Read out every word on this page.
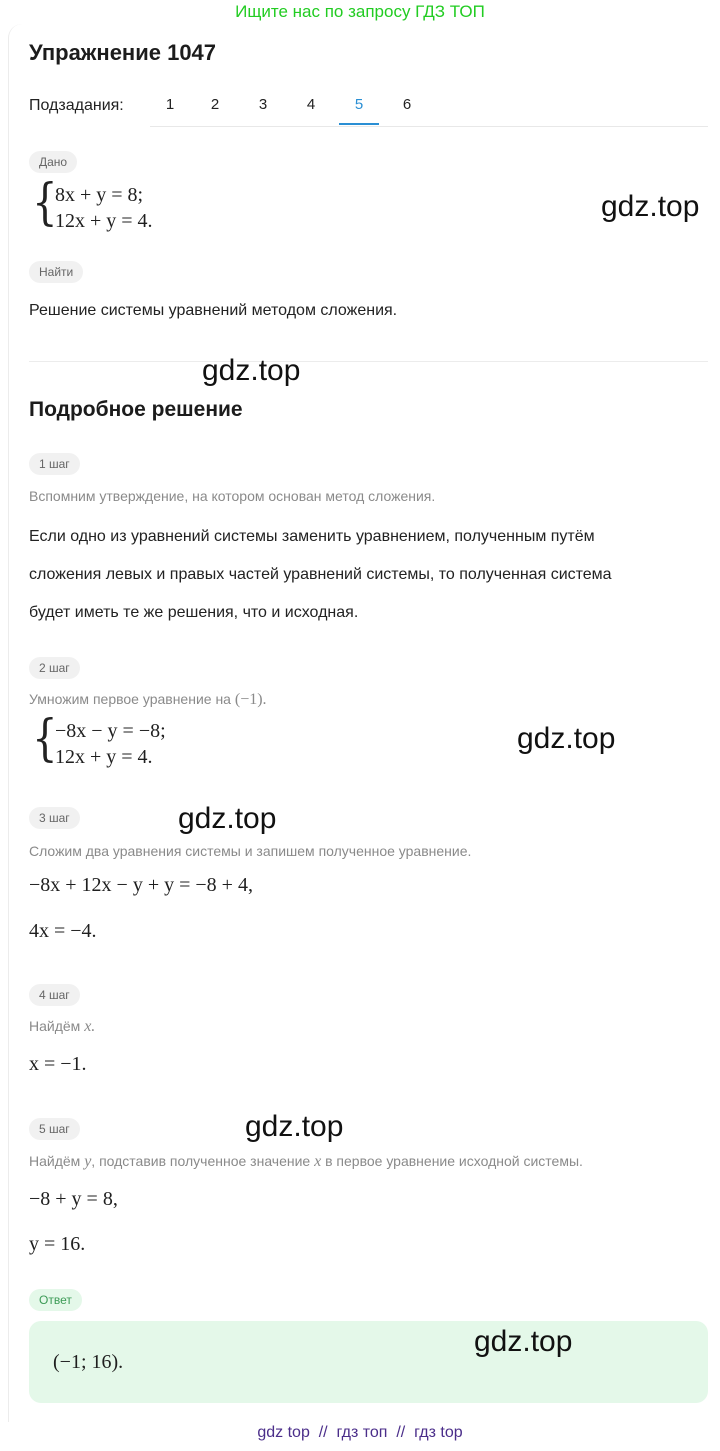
Ищите нас по запросу ГДЗ ТОП
Упражнение 1047
Подзадания:	1	2	3	4	5	6
Дано
{
8x + y = 8;
12x + y = 4.	gdz.top
Найти
Решение системы уравнений методом сложения.
gdz.top
Подробное решение
1 шаг
Вспомним утверждение, на котором основан метод сложения.
Если одно из уравнений системы заменить уравнением, полученным путём
сложения левых и правых частей уравнений системы, то полученная система
будет иметь те же решения, что и исходная.
2 шаг
Умножим первое уравнение на (−1).
{
−8x − y = −8;
12x + y = 4.
gdz.top
3 шаг	gdz.top
Сложим два уравнения системы и запишем полученное уравнение.
−8x + 12x − y + y = −8 + 4,
4x = −4.
4 шаг
Найдём x.
x = −1.
5 шаг	gdz.top
Найдём y, подставив полученное значение x в первое уравнение исходной системы.
−8 + y = 8,
y = 16.
Ответ
(−1; 16).
gdz.top
gdz top // гдз топ // гдз top
